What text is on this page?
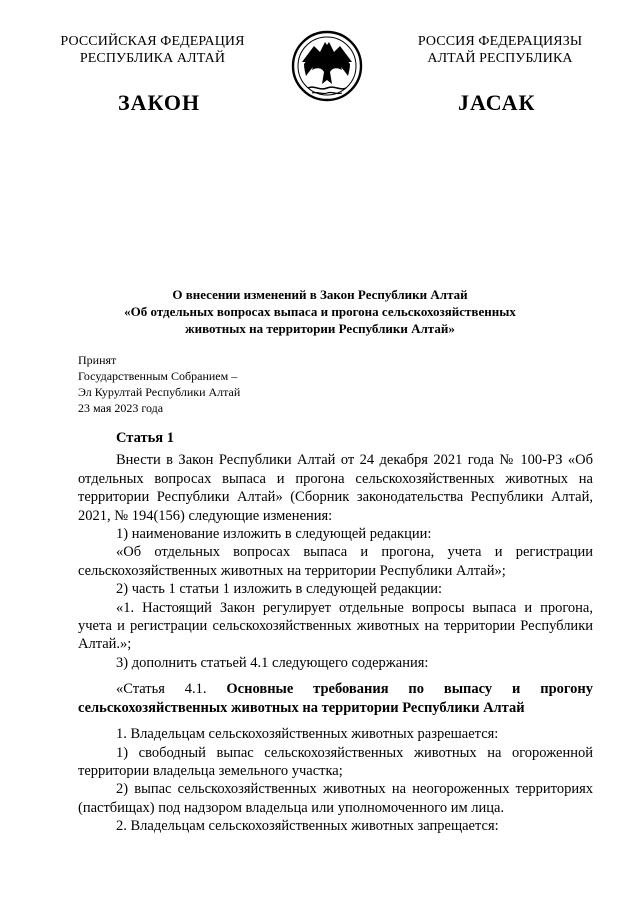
РОССИЙСКАЯ ФЕДЕРАЦИЯ
РЕСПУБЛИКА АЛТАЙ
РОССИЯ ФЕДЕРАЦИЯЗЫ
АЛТАЙ РЕСПУБЛИКА
ЗАКОН	JАСАК
О внесении изменений в Закон Республики Алтай
«Об отдельных вопросах выпаса и прогона сельскохозяйственных
животных на территории Республики Алтай»
Принят
Государственным Собранием –
Эл Курултай Республики Алтай
23 мая 2023 года

Статья 1

Внести в Закон Республики Алтай от 24 декабря 2021 года № 100-РЗ «Об отдельных вопросах выпаса и прогона сельскохозяйственных животных на территории Республики Алтай» (Сборник законодательства Республики Алтай, 2021, № 194(156) следующие изменения:

1) наименование изложить в следующей редакции:

«Об отдельных вопросах выпаса и прогона, учета и регистрации сельскохозяйственных животных на территории Республики Алтай»;

2) часть 1 статьи 1 изложить в следующей редакции:

«1. Настоящий Закон регулирует отдельные вопросы выпаса и прогона, учета и регистрации сельскохозяйственных животных на территории Республики Алтай.»;

3) дополнить статьей 4.1 следующего содержания:

«Статья 4.1. Основные требования по выпасу и прогону сельскохозяйственных животных на территории Республики Алтай

1. Владельцам сельскохозяйственных животных разрешается:

1) свободный выпас сельскохозяйственных животных на огороженной территории владельца земельного участка;

2) выпас сельскохозяйственных животных на неогороженных территориях (пастбищах) под надзором владельца или уполномоченного им лица.

2. Владельцам сельскохозяйственных животных запрещается:
